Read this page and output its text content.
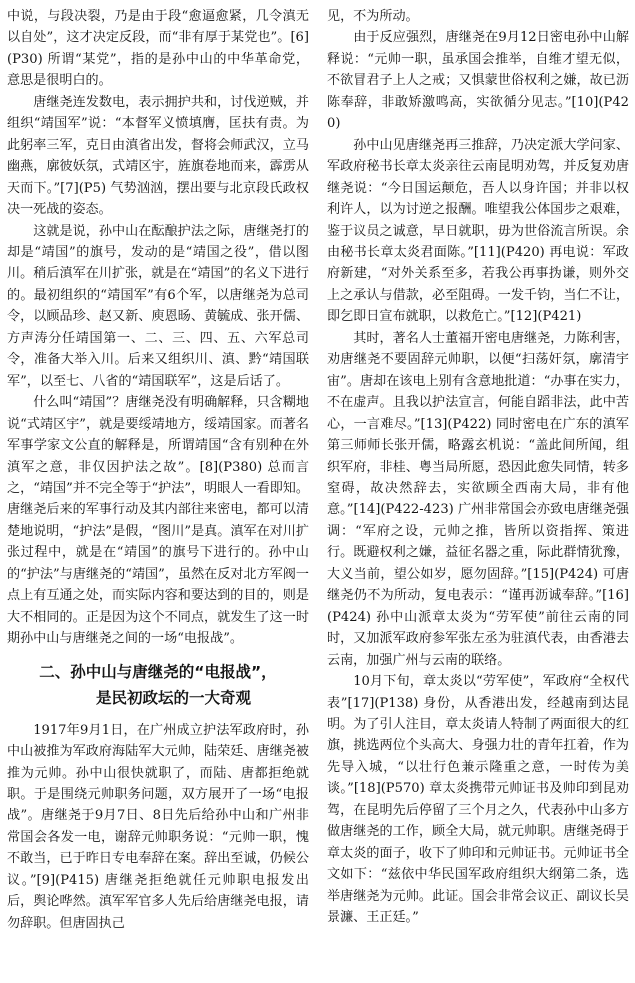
中说，与段决裂，乃是由于段“愈逼愈紧，几令滇无以自处”，这才决定反段，而“非有厚于某党也”。[6](P30) 所谓“某党”，指的是孙中山的中华革命党，意思是很明白的。

唐继尧连发数电，表示拥护共和，讨伐逆贼，并组织“靖国军”说：“本督军义愤填膺，匡扶有责。为此躬率三军，克日由滇省出发，督将会师武汉，立马幽燕，廓彼妖氛，式靖区宇，旌旗卷地而来，霹雳从天而下。”[7](P5) 气势汹汹，摆出要与北京段氏政权决一死战的姿态。

这就是说，孙中山在酝酿护法之际，唐继尧打的却是“靖国”的旗号，发动的是“靖国之役”，借以图川。稍后滇军在川扩张，就是在“靖国”的名义下进行的。最初组织的“靖国军”有6个军，以唐继尧为总司令，以顾品珍、赵又新、庾恩旸、黄毓成、张开儒、方声涛分任靖国第一、二、三、四、五、六军总司令，准备大举入川。后来又组织川、滇、黔“靖国联军”，以至七、八省的“靖国联军”，这是后话了。

什么叫“靖国”？唐继尧没有明确解释，只含糊地说“式靖区宇”，就是要绥靖地方，绥靖国家。而著名军事学家文公直的解释是，所谓靖国“含有别种在外滇军之意，非仅因护法之故”。[8](P380) 总而言之，“靖国”并不完全等于“护法”，明眼人一看即知。唐继尧后来的军事行动及其内部往来密电，都可以清楚地说明，“护法”是假，“图川”是真。滇军在对川扩张过程中，就是在“靖国”的旗号下进行的。孙中山的“护法”与唐继尧的“靖国”，虽然在反对北方军阀一点上有互通之处，而实际内容和要达到的目的，则是大不相同的。正是因为这个不同点，就发生了这一时期孙中山与唐继尧之间的一场“电报战”。

二、孙中山与唐继尧的“电报战”，
是民初政坛的一大奇观

1917年9月1日，在广州成立护法军政府时，孙中山被推为军政府海陆军大元帅，陆荣廷、唐继尧被推为元帅。孙中山很快就职了，而陆、唐都拒绝就职。于是围绕元帅职务问题，双方展开了一场“电报战”。唐继尧于9月7日、8日先后给孙中山和广州非常国会各发一电，谢辞元帅职务说：“元帅一职，愧不敢当，已于昨日专电奉辞在案。辞出至诚，仍候公议。”[9](P415) 唐继尧拒绝就任元帅职电报发出后，舆论哗然。滇军军官多人先后给唐继尧电报，请勿辞职。但唐固执己

见，不为所动。

由于反应强烈，唐继尧在9月12日密电孙中山解释说：“元帅一职，虽承国会推举，自维才望无似，不欲冒君子上人之戒；又惧蒙世俗权利之嫌，故已沥陈奉辞，非敢矫激鸣高，实欲循分见志。”[10](P420)

孙中山见唐继尧再三推辞，乃决定派大学问家、军政府秘书长章太炎亲往云南昆明劝驾，并反复劝唐继尧说：“今日国运颠危，吾人以身许国；并非以权利许人，以为讨逆之报酬。唯望我公体国步之艰难，鉴于议员之诚意，早日就职，毋为世俗流言所误。余由秘书长章太炎君面陈。”[11](P420) 再电说：军政府新建，“对外关系至多，若我公再事㧑谦，则外交上之承认与借款，必至阻碍。一发千钧，当仁不让，即乞即日宣布就职，以救危亡。”[12](P421)

其时，著名人士董福开密电唐继尧，力陈利害，劝唐继尧不要固辞元帅职，以便“扫荡奸氛，廓清宇宙”。唐却在该电上别有含意地批道：“办事在实力，不在虚声。且我以护法宣言，何能自蹈非法，此中苦心，一言难尽。”[13](P422) 同时密电在广东的滇军第三师师长张开儒，略露玄机说：“盖此间所闻，组织军府，非桂、粤当局所愿，恐因此愈失同情，转多窒碍，故决然辞去，实欲顾全西南大局，非有他意。”[14](P422-423) 广州非常国会亦致电唐继尧强调：“军府之设，元帅之推，皆所以资指挥、策进行。既避权利之嫌，益征名器之重，际此群情犹豫，大义当前，望公如岁，愿勿固辞。”[15](P424) 可唐继尧仍不为所动，复电表示：“谨再沥诚奉辞。”[16](P424) 孙中山派章太炎为“劳军使”前往云南的同时，又加派军政府参军张左丞为驻滇代表，由香港去云南，加强广州与云南的联络。

10月下旬，章太炎以“劳军使”，军政府“全权代表”[17](P138) 身份，从香港出发，经越南到达昆明。为了引人注目，章太炎请人特制了两面很大的红旗，挑选两位个头高大、身强力壮的青年扛着，作为先导入城，“以壮行色兼示隆重之意，一时传为美谈。”[18](P570) 章太炎携带元帅证书及帅印到昆劝驾，在昆明先后停留了三个月之久，代表孙中山多方做唐继尧的工作，顾全大局，就元帅职。唐继尧碍于章太炎的面子，收下了帅印和元帅证书。元帅证书全文如下：“兹依中华民国军政府组织大纲第二条，选举唐继尧为元帅。此证。国会非常会议正、副议长吴景濂、王正廷。”
